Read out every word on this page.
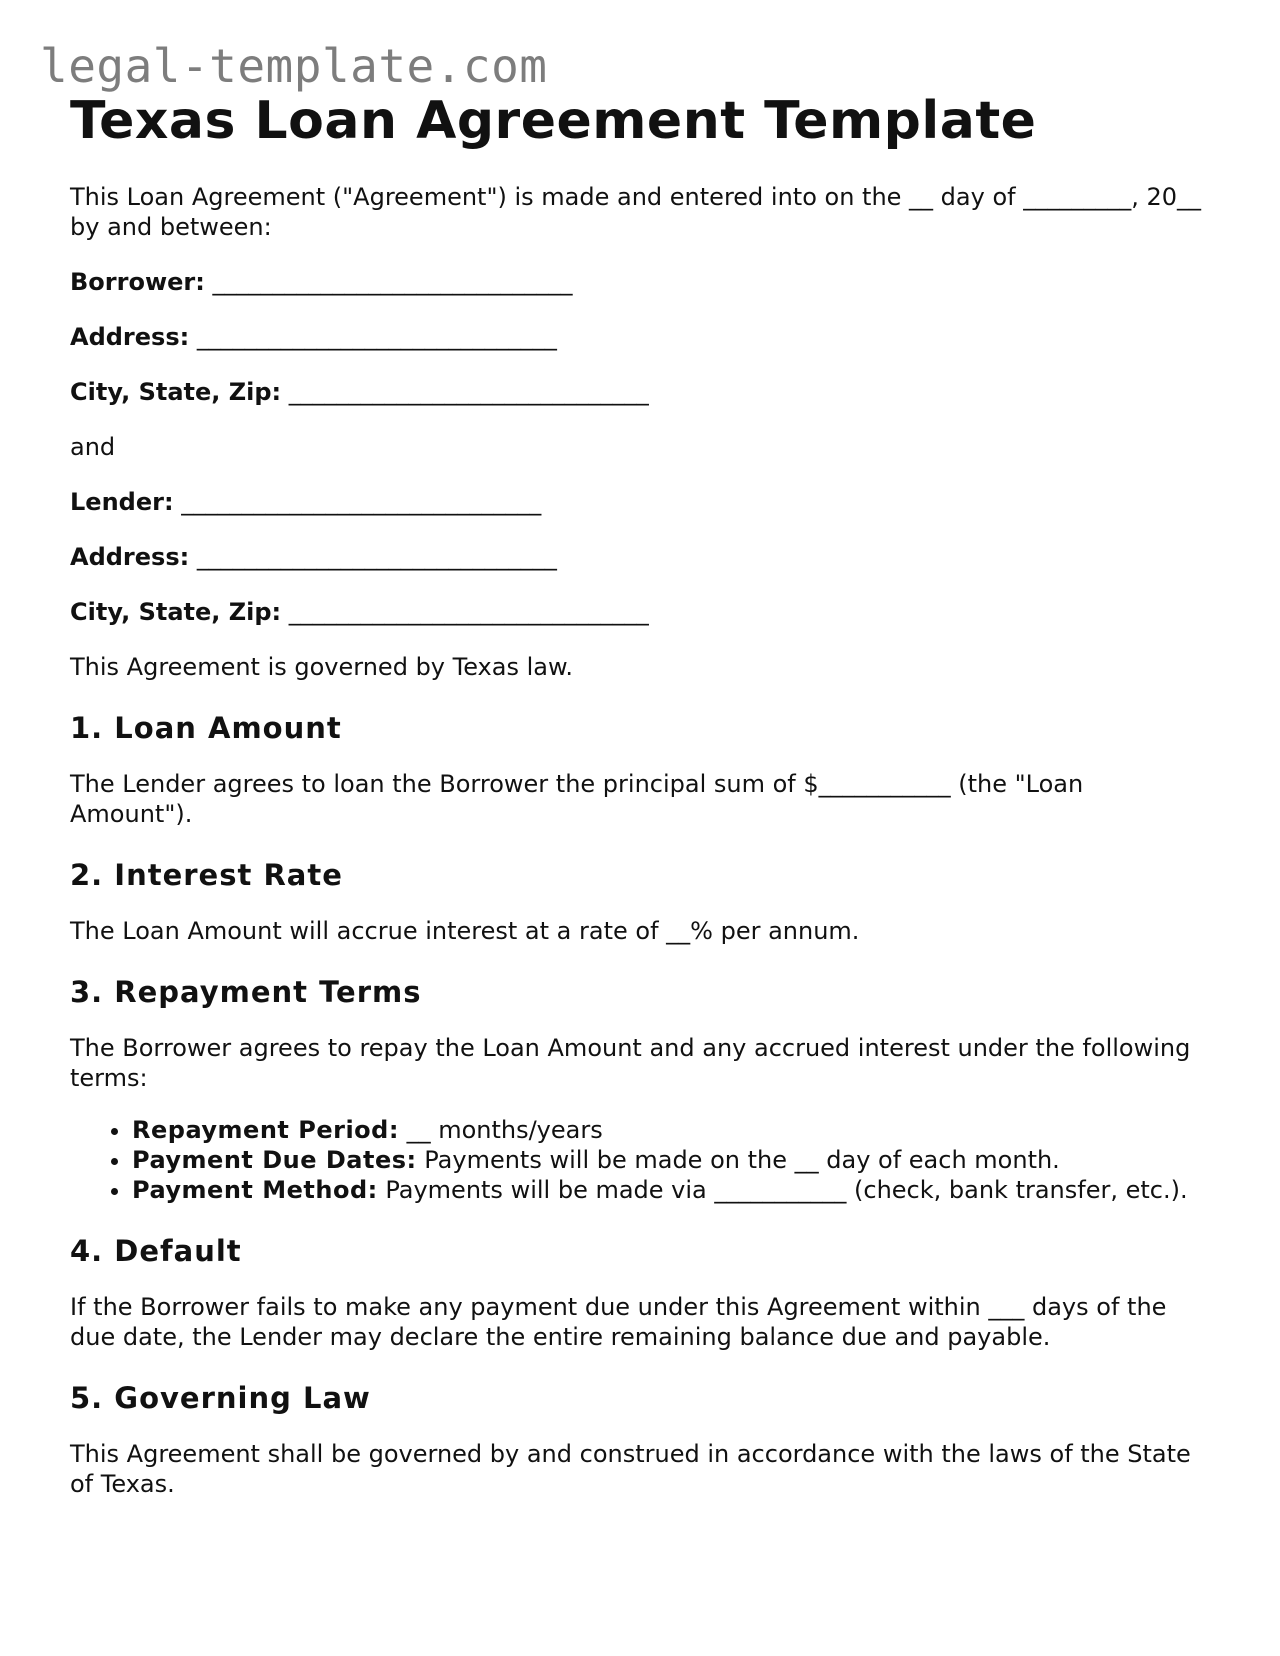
legal-template.com
Texas Loan Agreement Template

This Loan Agreement ("Agreement") is made and entered into on the __ day of _________, 20__ by and between:

Borrower: ______________________________

Address: ______________________________

City, State, Zip: ______________________________

and

Lender: ______________________________

Address: ______________________________

City, State, Zip: ______________________________

This Agreement is governed by Texas law.

1. Loan Amount

The Lender agrees to loan the Borrower the principal sum of $___________ (the "Loan Amount").

2. Interest Rate

The Loan Amount will accrue interest at a rate of __% per annum.

3. Repayment Terms

The Borrower agrees to repay the Loan Amount and any accrued interest under the following terms:

• Repayment Period: __ months/years
• Payment Due Dates: Payments will be made on the __ day of each month.
• Payment Method: Payments will be made via ___________ (check, bank transfer, etc.).
4. Default

If the Borrower fails to make any payment due under this Agreement within ___ days of the due date, the Lender may declare the entire remaining balance due and payable.

5. Governing Law

This Agreement shall be governed by and construed in accordance with the laws of the State of Texas.
